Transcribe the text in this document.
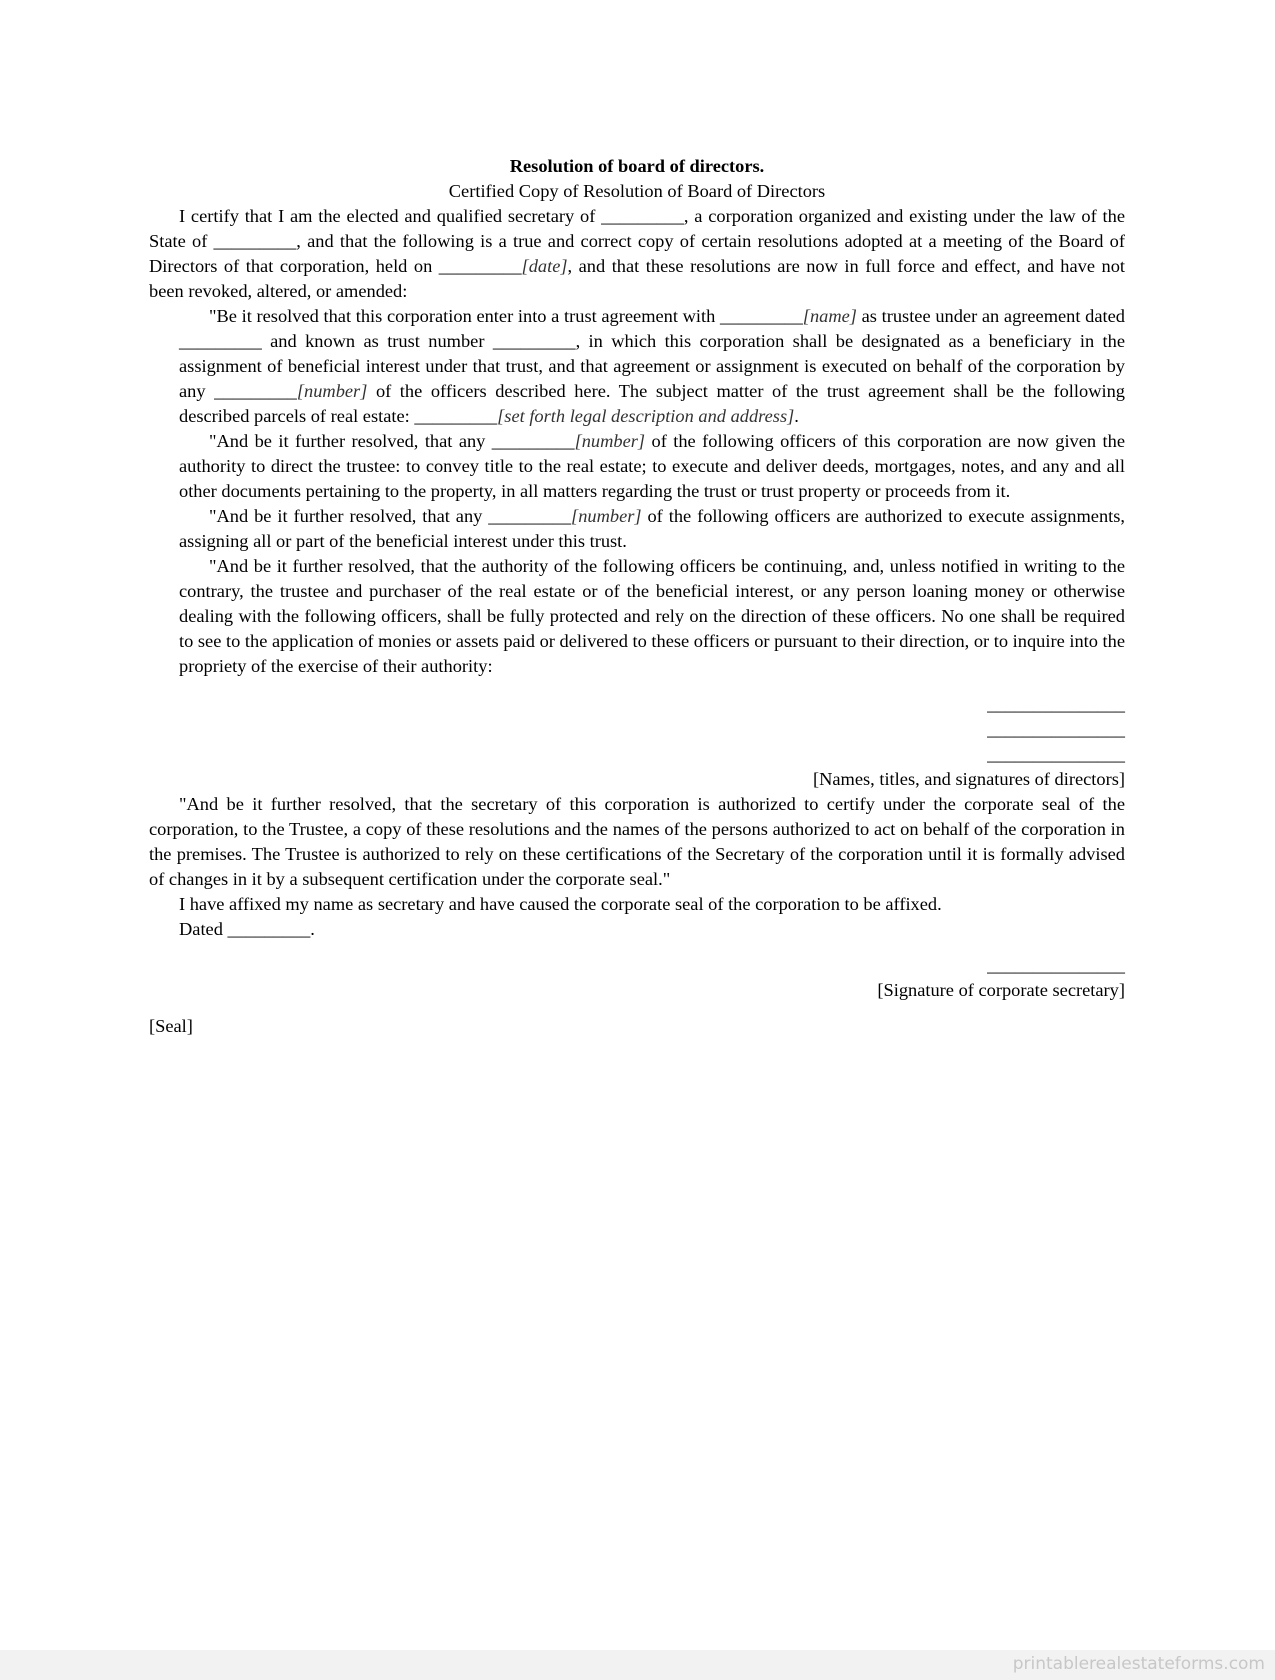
Resolution of board of directors.

Certified Copy of Resolution of Board of Directors

I certify that I am the elected and qualified secretary of _________, a corporation organized and existing under the law of the State of _________, and that the following is a true and correct copy of certain resolutions adopted at a meeting of the Board of Directors of that corporation, held on _________[date], and that these resolutions are now in full force and effect, and have not been revoked, altered, or amended:

"Be it resolved that this corporation enter into a trust agreement with _________[name] as trustee under an agreement dated _________ and known as trust number _________, in which this corporation shall be designated as a beneficiary in the assignment of beneficial interest under that trust, and that agreement or assignment is executed on behalf of the corporation by any _________[number] of the officers described here. The subject matter of the trust agreement shall be the following described parcels of real estate: _________[set forth legal description and address].

"And be it further resolved, that any _________[number] of the following officers of this corporation are now given the authority to direct the trustee: to convey title to the real estate; to execute and deliver deeds, mortgages, notes, and any and all other documents pertaining to the property, in all matters regarding the trust or trust property or proceeds from it.

"And be it further resolved, that any _________[number] of the following officers are authorized to execute assignments, assigning all or part of the beneficial interest under this trust.

"And be it further resolved, that the authority of the following officers be continuing, and, unless notified in writing to the contrary, the trustee and purchaser of the real estate or of the beneficial interest, or any person loaning money or otherwise dealing with the following officers, shall be fully protected and rely on the direction of these officers. No one shall be required to see to the application of monies or assets paid or delivered to these officers or pursuant to their direction, or to inquire into the propriety of the exercise of their authority:

_______________

_______________

_______________

[Names, titles, and signatures of directors]

"And be it further resolved, that the secretary of this corporation is authorized to certify under the corporate seal of the corporation, to the Trustee, a copy of these resolutions and the names of the persons authorized to act on behalf of the corporation in the premises. The Trustee is authorized to rely on these certifications of the Secretary of the corporation until it is formally advised of changes in it by a subsequent certification under the corporate seal."

I have affixed my name as secretary and have caused the corporate seal of the corporation to be affixed.

Dated _________.

_______________

[Signature of corporate secretary]

[Seal]

printablerealestateforms.com
